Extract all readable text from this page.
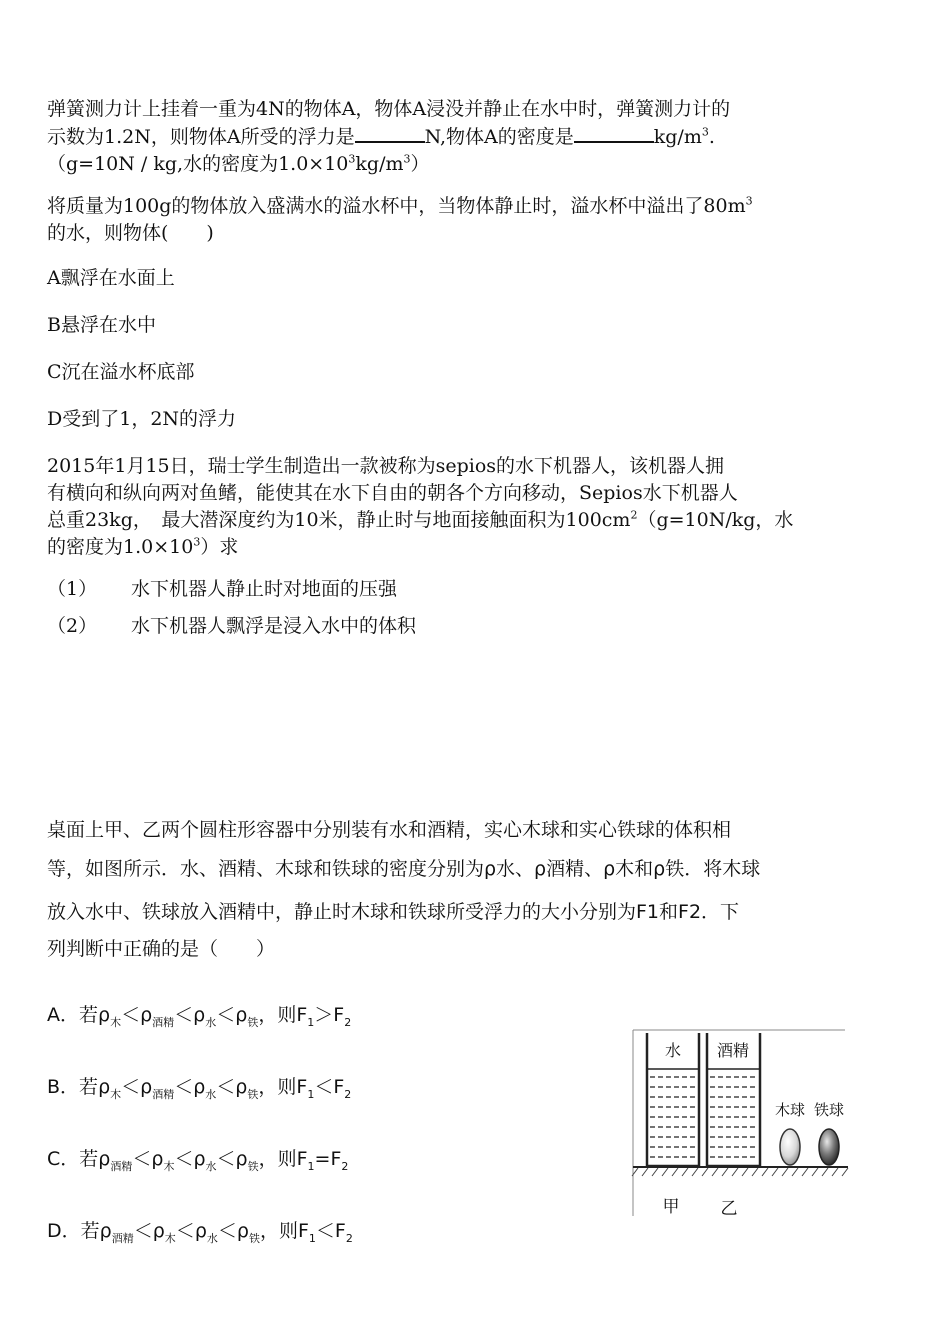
弹簧测力计上挂着一重为4N的物体A，物体A浸没并静止在水中时，弹簧测力计的
示数为1.2N，则物体A所受的浮力是	N,物体A的密度是	$kg/m^3$.
（g=10N / kg,水的密度为$1.0\times 10^3kg/m^3$）
将质量为100g的物体放入盛满水的溢水杯中，当物体静止时，溢水杯中溢出了$80m^3$
的水，则物体(　　)
A飘浮在水面上
B悬浮在水中
C沉在溢水杯底部
D受到了1，2N的浮力
2015年1月15日，瑞士学生制造出一款被称为sepios的水下机器人，该机器人拥
有横向和纵向两对鱼鳍，能使其在水下自由的朝各个方向移动，Sepios水下机器人
总重23kg，　最大潜深度约为10米，静止时与地面接触面积为$100cm^2(g=10N/kg$，水
的密度为$1.0\times 10^3$）求
（1） 水下机器人静止时对地面的压强
（2） 水下机器人飘浮是浸入水中的体积
桌面上甲、乙两个圆柱形容器中分别装有水和酒精，实心木球和实心铁球的体积相
等，如图所示．水、酒精、木球和铁球的密度分别为ρ水、ρ酒精、ρ木和ρ铁．将木球
放入水中、铁球放入酒精中，静止时木球和铁球所受浮力的大小分别为F1和F2．下
列判断中正确的是（　　）
A．若$\rho_木<\rho_{酒精}<\rho_水<\rho_铁$，则$F_1>F_2$
B．若$\rho_木<\rho_{酒精}<\rho_水<\rho_铁$，则$F_1<F_2$
C．若$\rho_{酒精}<\rho_木<\rho_水<\rho_铁$，则$F_1=F_2$
D．若$\rho_{酒精}<\rho_木<\rho_水<\rho_铁$，则$F_1<F_2$
水 酒精
木球 铁球
甲 乙
